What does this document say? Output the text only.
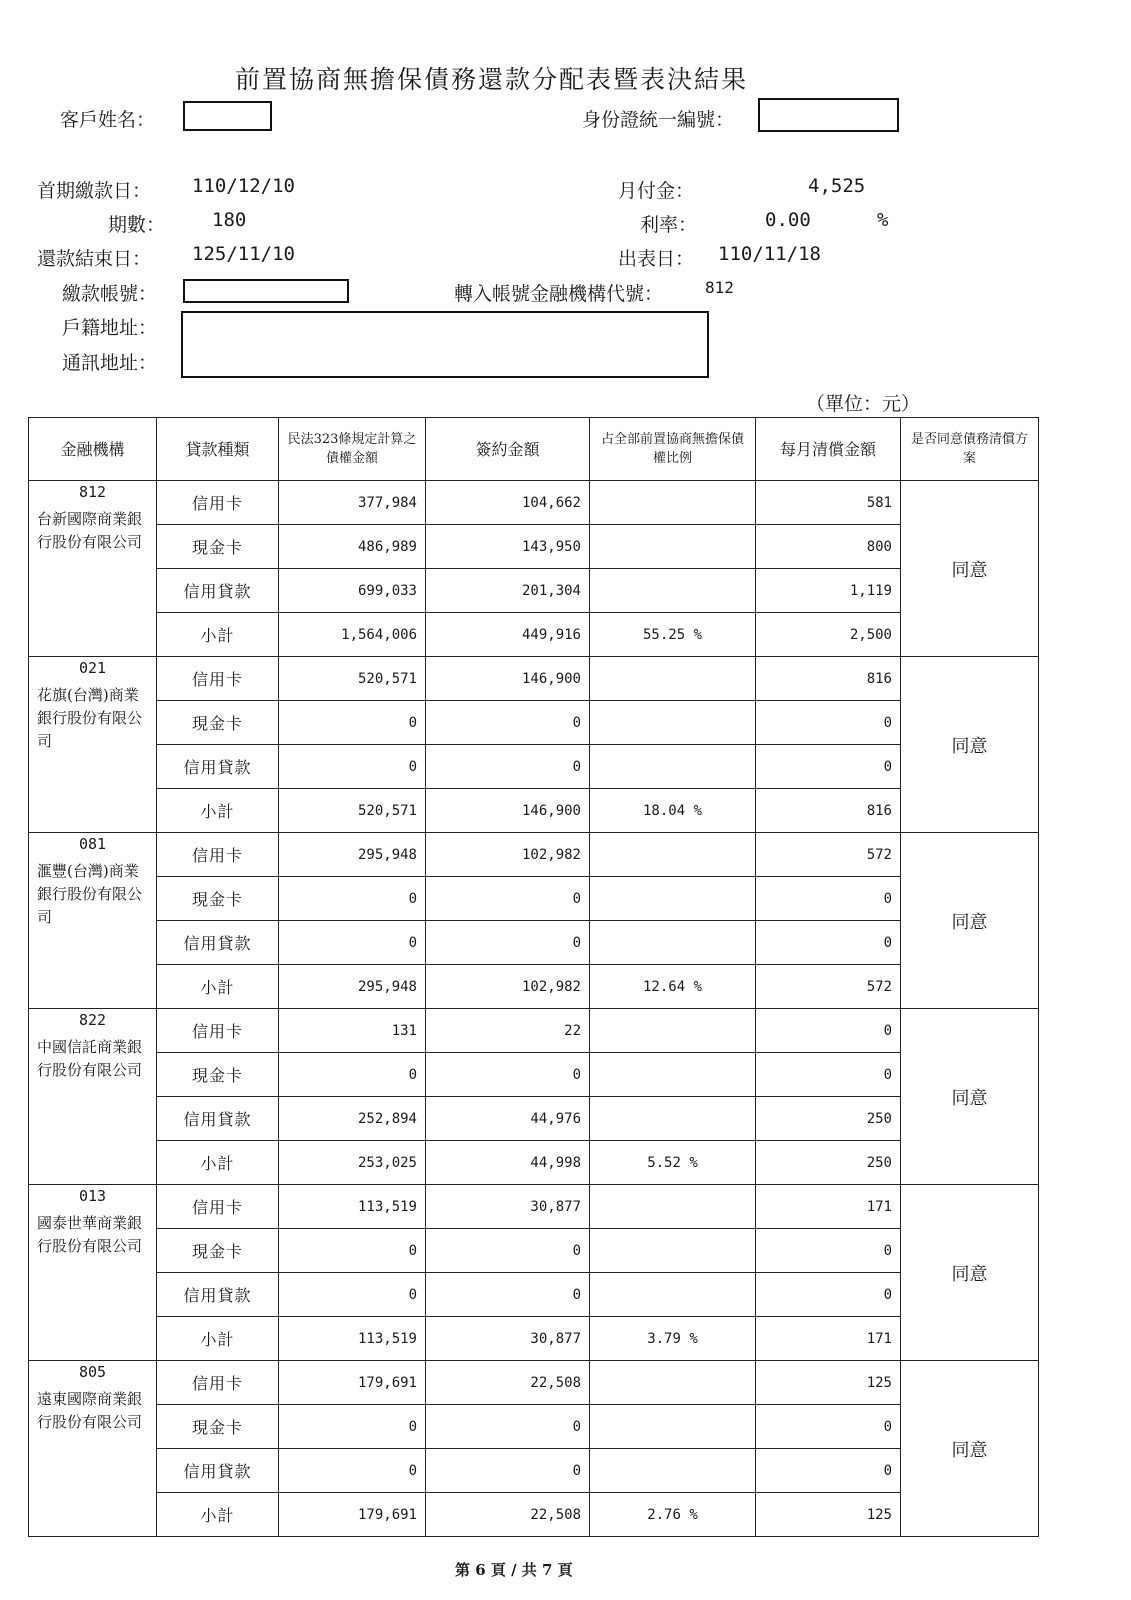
前置協商無擔保債務還款分配表暨表決結果
客戶姓名：	身份證統一編號：
首期繳款日： 110/12/10	月付金：	4,525
期數： 180	利率：	0.00	%
還款結束日： 125/11/10	出表日： 110/11/18
繳款帳號：	轉入帳號金融機構代號：	812
戶籍地址：
通訊地址：
（單位：元）
金融機構	貸款種類	民法323條規定計算之債權金額	簽約金額	占全部前置協商無擔保債權比例	每月清償金額	是否同意債務清償方案

812
台新國際商業銀行股份有限公司	信用卡	377,984	104,662		581	同意
	現金卡	486,989	143,950		800	
	信用貸款	699,033	201,304		1,119	
	小計	1,564,006	449,916	55.25 %	2,500	

021
花旗(台灣)商業銀行股份有限公司	信用卡	520,571	146,900		816	同意
	現金卡	0	0		0	
	信用貸款	0	0		0	
	小計	520,571	146,900	18.04 %	816	

081
滙豐(台灣)商業銀行股份有限公司	信用卡	295,948	102,982		572	同意
	現金卡	0	0		0	
	信用貸款	0	0		0	
	小計	295,948	102,982	12.64 %	572	

822
中國信託商業銀行股份有限公司	信用卡	131	22		0	同意
	現金卡	0	0		0	
	信用貸款	252,894	44,976		250	
	小計	253,025	44,998	5.52 %	250	

013
國泰世華商業銀行股份有限公司	信用卡	113,519	30,877		171	同意
	現金卡	0	0		0	
	信用貸款	0	0		0	
	小計	113,519	30,877	3.79 %	171	

805
遠東國際商業銀行股份有限公司	信用卡	179,691	22,508		125	同意
	現金卡	0	0		0	
	信用貸款	0	0		0	
	小計	179,691	22,508	2.76 %	125	
第 6 頁 / 共 7 頁
